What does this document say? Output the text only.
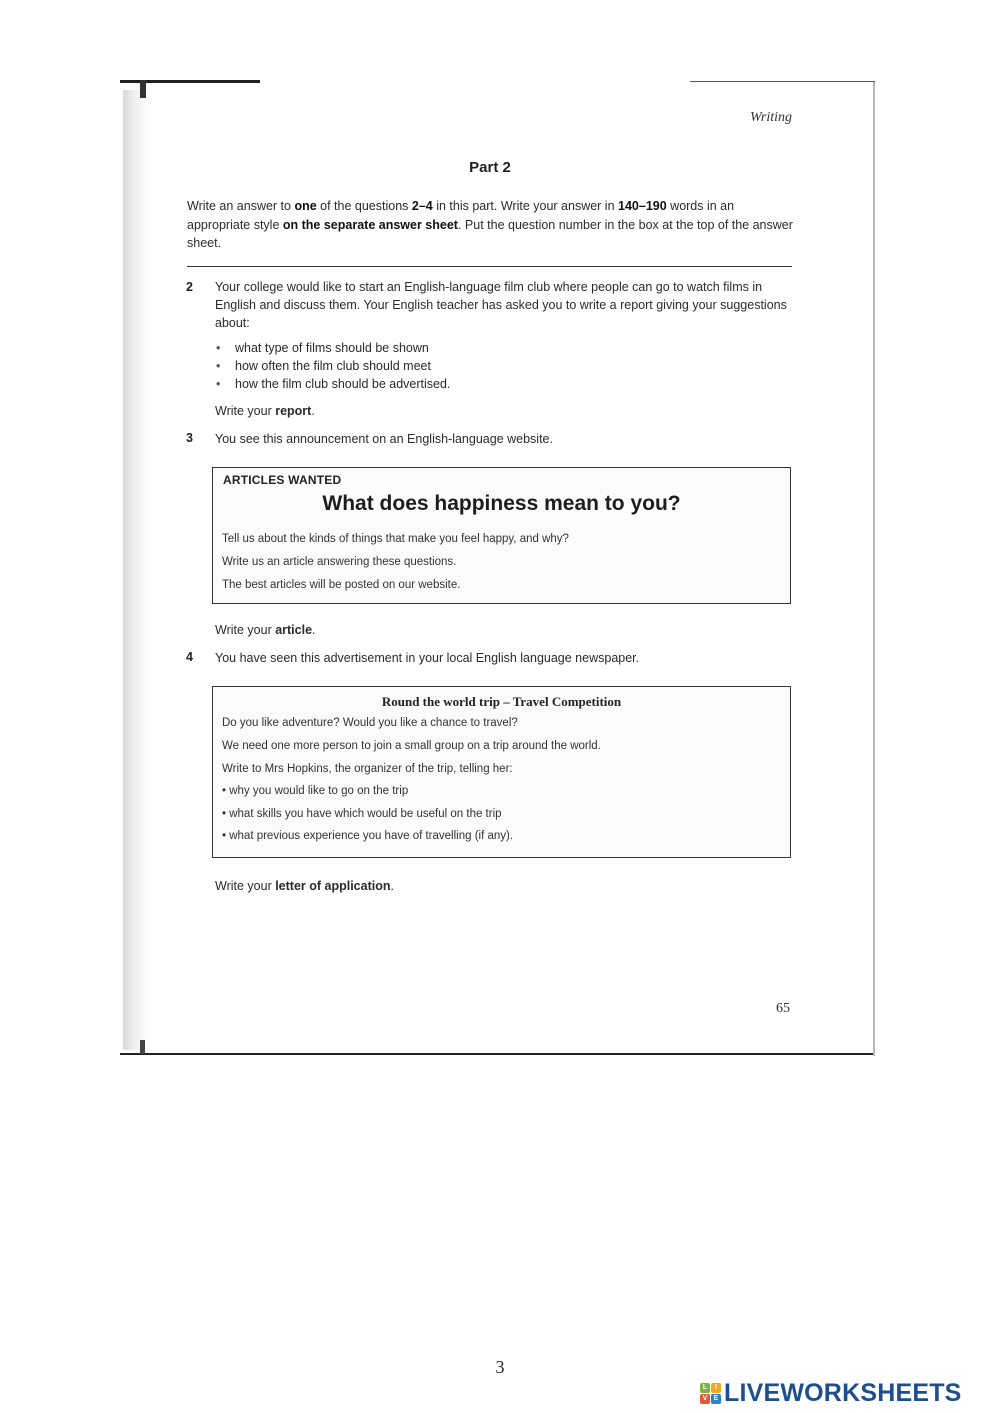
Writing
Part 2
Write an answer to one of the questions 2–4 in this part. Write your answer in 140–190 words in an appropriate style on the separate answer sheet. Put the question number in the box at the top of the answer sheet.
2 Your college would like to start an English-language film club where people can go to watch films in English and discuss them. Your English teacher has asked you to write a report giving your suggestions about:
• what type of films should be shown
• how often the film club should meet
• how the film club should be advertised.
Write your report.
3 You see this announcement on an English-language website.
ARTICLES WANTED
What does happiness mean to you?
Tell us about the kinds of things that make you feel happy, and why?
Write us an article answering these questions.
The best articles will be posted on our website.
Write your article.
4 You have seen this advertisement in your local English language newspaper.
Round the world trip – Travel Competition
Do you like adventure? Would you like a chance to travel?
We need one more person to join a small group on a trip around the world.
Write to Mrs Hopkins, the organizer of the trip, telling her:
• why you would like to go on the trip
• what skills you have which would be useful on the trip
• what previous experience you have of travelling (if any).
Write your letter of application.
65
3
L	I
V E LIVEWORKSHEETS
